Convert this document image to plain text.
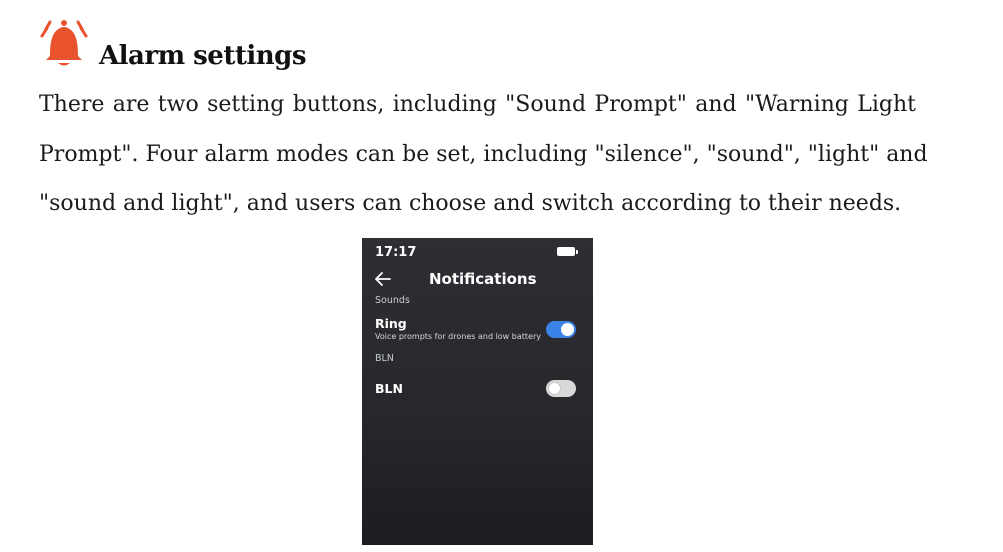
Alarm settings
There are two setting buttons, including "Sound Prompt" and "Warning Light
Prompt". Four alarm modes can be set, including "silence", "sound", "light" and
"sound and light", and users can choose and switch according to their needs.
17:17
Notifications
Sounds
Ring
Voice prompts for drones and low battery
BLN
BLN
